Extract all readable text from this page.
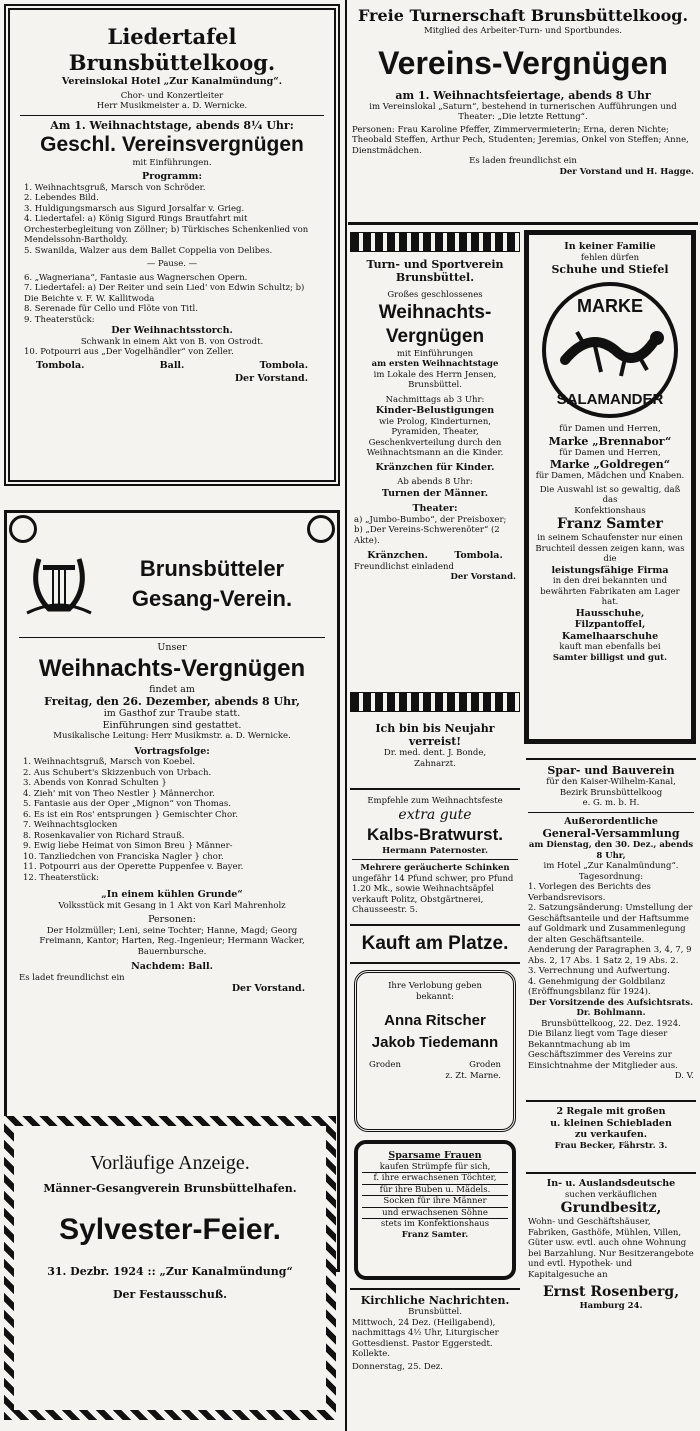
Liedertafel Brunsbüttelkoog.
Vereinslokal Hotel „Zur Kanalmündung“.
Chor- und Konzertleiter
Herr Musikmeister a. D. Wernicke.
Am 1. Weihnachtstage, abends 8¼ Uhr:
Geschl. Vereinsvergnügen
mit Einführungen.
Programm:
1. Weihnachtsgruß, Marsch von Schröder.
2. Lebendes Bild.
3. Huldigungsmarsch aus Sigurd Jorsalfar v. Grieg.
4. Liedertafel: a) König Sigurd Rings Brautfahrt mit Orchesterbegleitung von Zöllner; b) Türkisches Schenkenlied von Mendelssohn-Bartholdy.
5. Swanilda, Walzer aus dem Ballet Coppelia von Delibes.
— Pause. —
6. „Wagneriana“, Fantasie aus Wagnerschen Opern.
7. Liedertafel: a) Der Reiter und sein Lied' von Edwin Schultz; b) Die Beichte v. F. W. Kallitwoda
8. Serenade für Cello und Flöte von Titl.
9. Theaterstück:
Der Weihnachtsstorch.
Schwank in einem Akt von B. von Ostrodt.
10. Potpourri aus „Der Vogelhändler“ von Zeller.
Tombola.	Ball.	Tombola.
Der Vorstand.
Brunsbütteler
Gesang-Verein.
Unser
Weihnachts-Vergnügen
findet am
Freitag, den 26. Dezember, abends 8 Uhr,
im Gasthof zur Traube statt.
Einführungen sind gestattet.
Musikalische Leitung: Herr Musikmstr. a. D. Wernicke.
Vortragsfolge:
1. Weihnachtsgruß, Marsch von Koebel.
2. Aus Schubert's Skizzenbuch von Urbach.
3. Abends von Konrad Schulten }
4. Zieh' mit von Theo Nestler } Männerchor.
5. Fantasie aus der Oper „Mignon“ von Thomas.
6. Es ist ein Ros' entsprungen } Gemischter Chor.
7. Weihnachtsglocken
8. Rosenkavalier von Richard Strauß.
9. Ewig liebe Heimat von Simon Breu } Männer-
10. Tanzliedchen von Franciska Nagler } chor.
11. Potpourri aus der Operette Puppenfee v. Bayer.
12. Theaterstück:
„In einem kühlen Grunde“
Volksstück mit Gesang in 1 Akt von Karl Mahrenholz
Personen:
Der Holzmüller; Leni, seine Tochter; Hanne, Magd; Georg Freimann, Kantor; Harten, Reg.-Ingenieur; Hermann Wacker, Bauernbursche.
Nachdem: Ball.
Es ladet freundlichst ein
Der Vorstand.
Vorläufige Anzeige.
Männer-Gesangverein Brunsbüttelhafen.
Sylvester-Feier.
31. Dezbr. 1924 :: „Zur Kanalmündung“
Der Festausschuß.
Freie Turnerschaft Brunsbüttelkoog.
Mitglied des Arbeiter-Turn- und Sportbundes.
Vereins-Vergnügen
am 1. Weihnachtsfeiertage, abends 8 Uhr
im Vereinslokal „Saturn“, bestehend in turnerischen Aufführungen und Theater: „Die letzte Rettung“.
Personen: Frau Karoline Pfeffer, Zimmervermieterin; Erna, deren Nichte; Theobald Steffen, Arthur Pech, Studenten; Jeremias, Onkel von Steffen; Anne, Dienstmädchen.
Es laden freundlichst ein
Der Vorstand und H. Hagge.
Turn- und Sportverein Brunsbüttel.
Großes geschlossenes
Weihnachts-Vergnügen
mit Einführungen
am ersten Weihnachtstage
im Lokale des Herrn Jensen, Brunsbüttel.
Nachmittags ab 3 Uhr:
Kinder-Belustigungen
wie Prolog, Kinderturnen, Pyramiden, Theater, Geschenkverteilung durch den Weihnachtsmann an die Kinder.
Kränzchen für Kinder.
Ab abends 8 Uhr:
Turnen der Männer.
Theater:
a) „Jumbo-Bumbo“, der Preisboxer;
b) „Der Vereins-Schwerenöter“ (2 Akte).
Kränzchen.	Tombola.
Freundlichst einladend
Der Vorstand.
In keiner Familie
fehlen dürfen
Schuhe und Stiefel
MARKE
SALAMANDER
für Damen und Herren,
Marke „Brennabor“
für Damen und Herren,
Marke „Goldregen“
für Damen, Mädchen und Knaben.
Die Auswahl ist so gewaltig, daß das
Konfektionshaus
Franz Samter
in seinem Schaufenster nur einen Bruchteil dessen zeigen kann, was die
leistungsfähige Firma
in den drei bekannten und bewährten Fabrikaten am Lager hat.
Hausschuhe,
Filzpantoffel,
Kamelhaarschuhe
kauft man ebenfalls bei
Samter billigst und gut.
Ich bin bis Neujahr
verreist!
Dr. med. dent. J. Bonde,
Zahnarzt.
Empfehle zum Weihnachtsfeste
extra gute
Kalbs-Bratwurst.
Hermann Paternoster.
Mehrere geräucherte Schinken
ungefähr 14 Pfund schwer, pro Pfund 1.20 Mk., sowie Weihnachtsäpfel verkauft Politz, Obstgärtnerei, Chausseestr. 5.
Kauft am Platze.
Ihre Verlobung geben
bekannt:
Anna Ritscher
Jakob Tiedemann
Groden	Groden
z. Zt. Marne.
Sparsame Frauen
kaufen Strümpfe für sich,
f. ihre erwachsenen Töchter,
für ihre Buben u. Mädels.
Socken für ihre Männer
und erwachsenen Söhne
stets im Konfektionshaus
Franz Samter.
Kirchliche Nachrichten.
Brunsbüttel.
Mittwoch, 24 Dez. (Heiligabend), nachmittags 4½ Uhr, Liturgischer Gottesdienst. Pastor Eggerstedt. Kollekte.
Donnerstag, 25. Dez.
Spar- und Bauverein
für den Kaiser-Wilhelm-Kanal,
Bezirk Brunsbüttelkoog
e. G. m. b. H.
Außerordentliche
General-Versammlung
am Dienstag, den 30. Dez., abends 8 Uhr,
im Hotel „Zur Kanalmündung“.
Tagesordnung:
1. Vorlegen des Berichts des Verbandsrevisors.
2. Satzungsänderung: Umstellung der Geschäftsanteile und der Haftsumme auf Goldmark und Zusammenlegung der alten Geschäftsanteile. Aenderung der Paragraphen 3, 4, 7, 9 Abs. 2, 17 Abs. 1 Satz 2, 19 Abs. 2.
3. Verrechnung und Aufwertung.
4. Genehmigung der Goldbilanz (Eröffnungsbilanz für 1924).
Der Vorsitzende des Aufsichtsrats. Dr. Bohlmann.
Brunsbüttelkoog, 22. Dez. 1924.
Die Bilanz liegt vom Tage dieser Bekanntmachung ab im Geschäftszimmer des Vereins zur Einsichtnahme der Mitglieder aus.
D. V.
2 Regale mit großen
u. kleinen Schiebladen
zu verkaufen.
Frau Becker, Fährstr. 3.
In- u. Auslandsdeutsche
suchen verkäuflichen
Grundbesitz,
Wohn- und Geschäftshäuser, Fabriken, Gasthöfe, Mühlen, Villen, Güter usw. evtl. auch ohne Wohnung bei Barzahlung. Nur Besitzerangebote und evtl. Hypothek- und Kapitalgesuche an
Ernst Rosenberg,
Hamburg 24.
